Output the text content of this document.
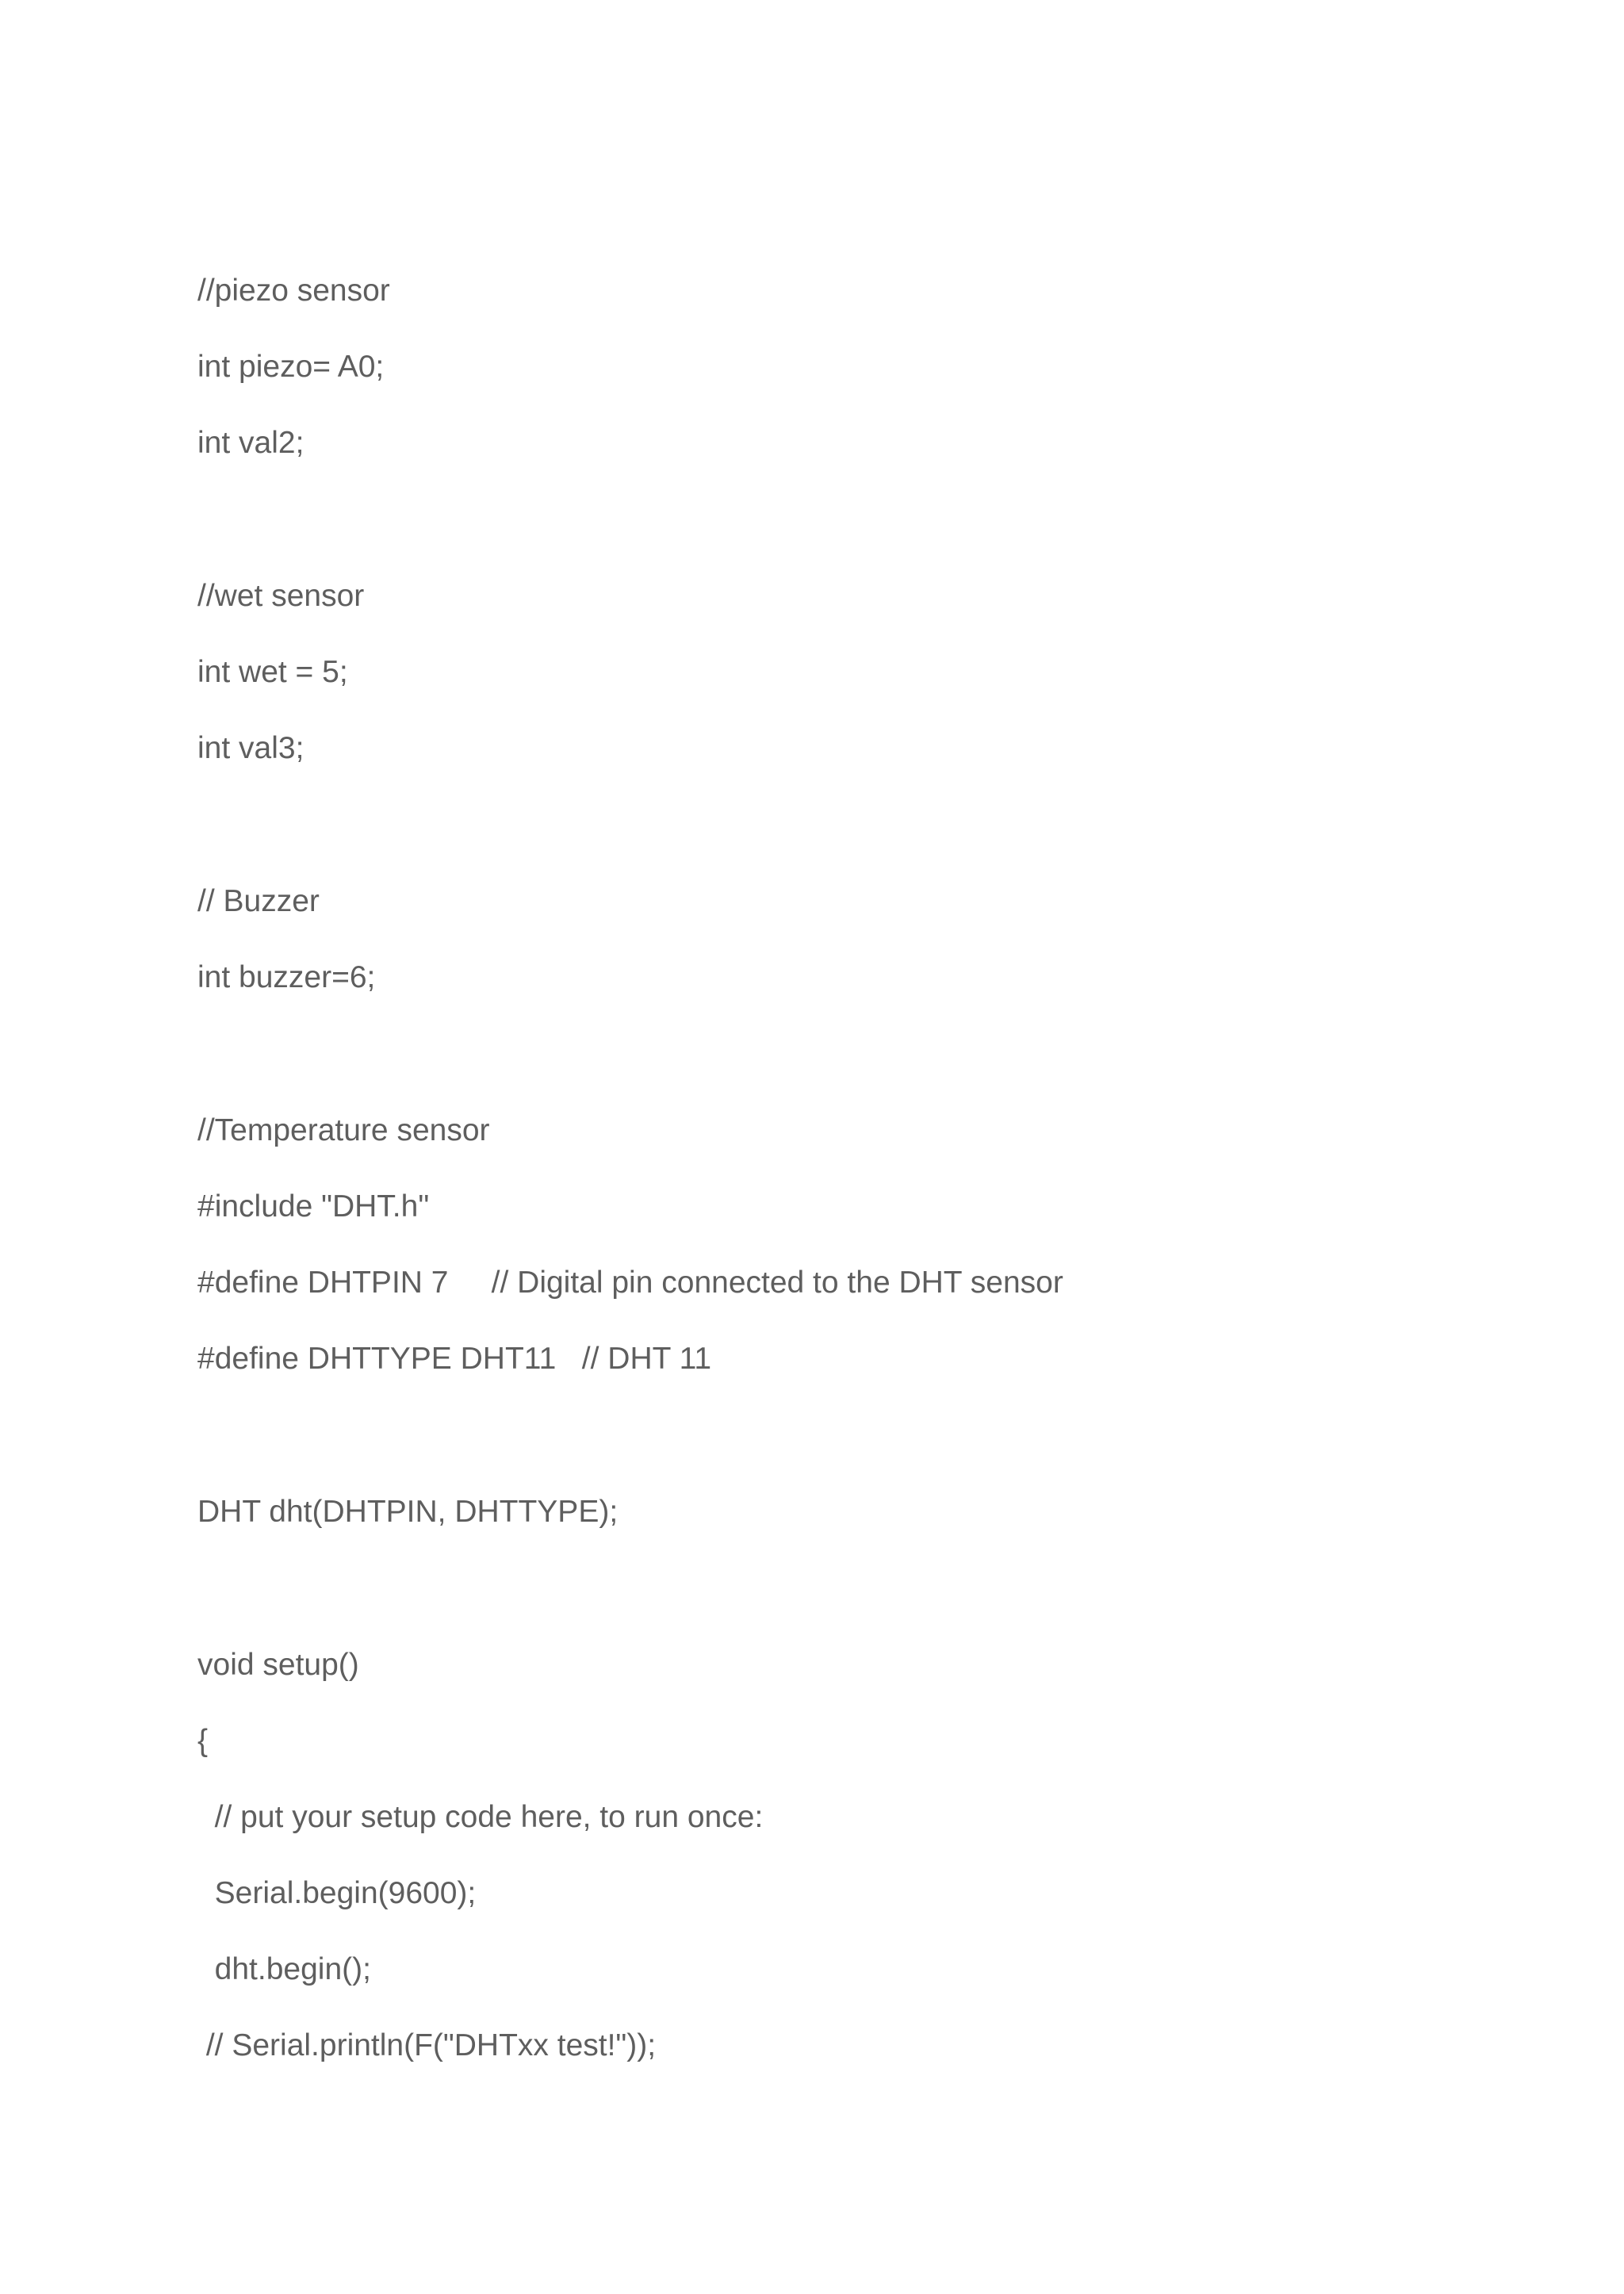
//piezo sensor
int piezo= A0;
int val2;
//wet sensor
int wet = 5;
int val3;
// Buzzer
int buzzer=6;
//Temperature sensor
#include "DHT.h"
#define DHTPIN 7     // Digital pin connected to the DHT sensor
#define DHTTYPE DHT11   // DHT 11
DHT dht(DHTPIN, DHTTYPE);
void setup()
{
// put your setup code here, to run once:
Serial.begin(9600);
dht.begin();
// Serial.println(F("DHTxx test!"));
